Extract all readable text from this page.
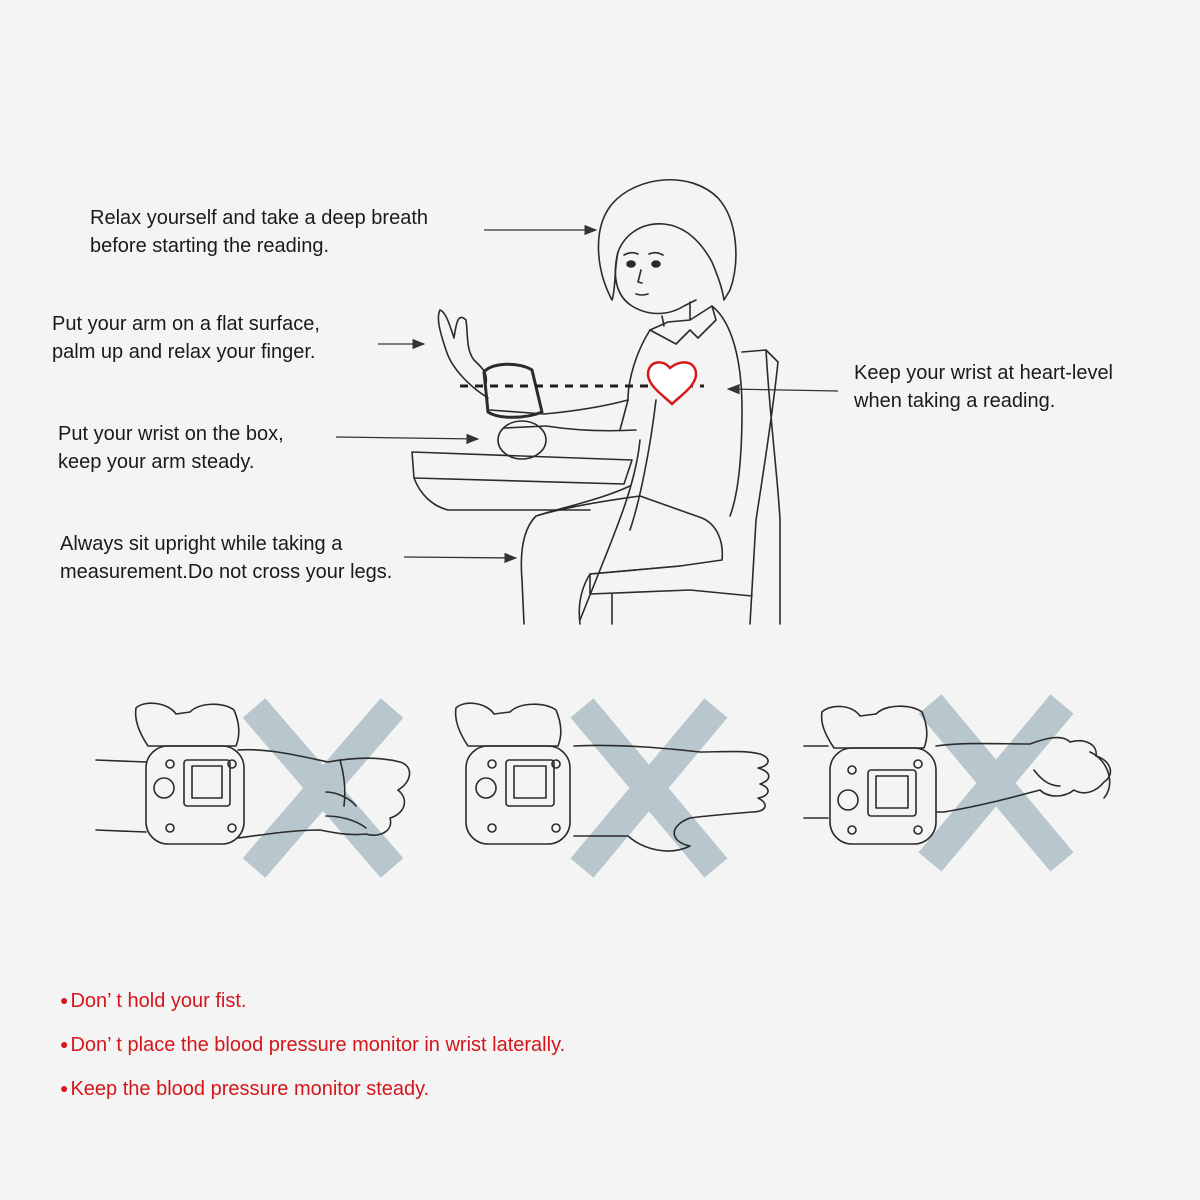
Relax yourself and take a deep breath
before starting the reading.
Put your arm on a flat surface,
palm up and relax your finger.
Put your wrist on the box,
keep your arm steady.
Always sit upright while taking a
measurement.Do not cross your legs.
Keep your wrist at heart-level
when taking a reading.
● Don’ t hold your fist.
● Don’ t place the blood pressure monitor in wrist laterally.
● Keep the blood pressure monitor steady.
